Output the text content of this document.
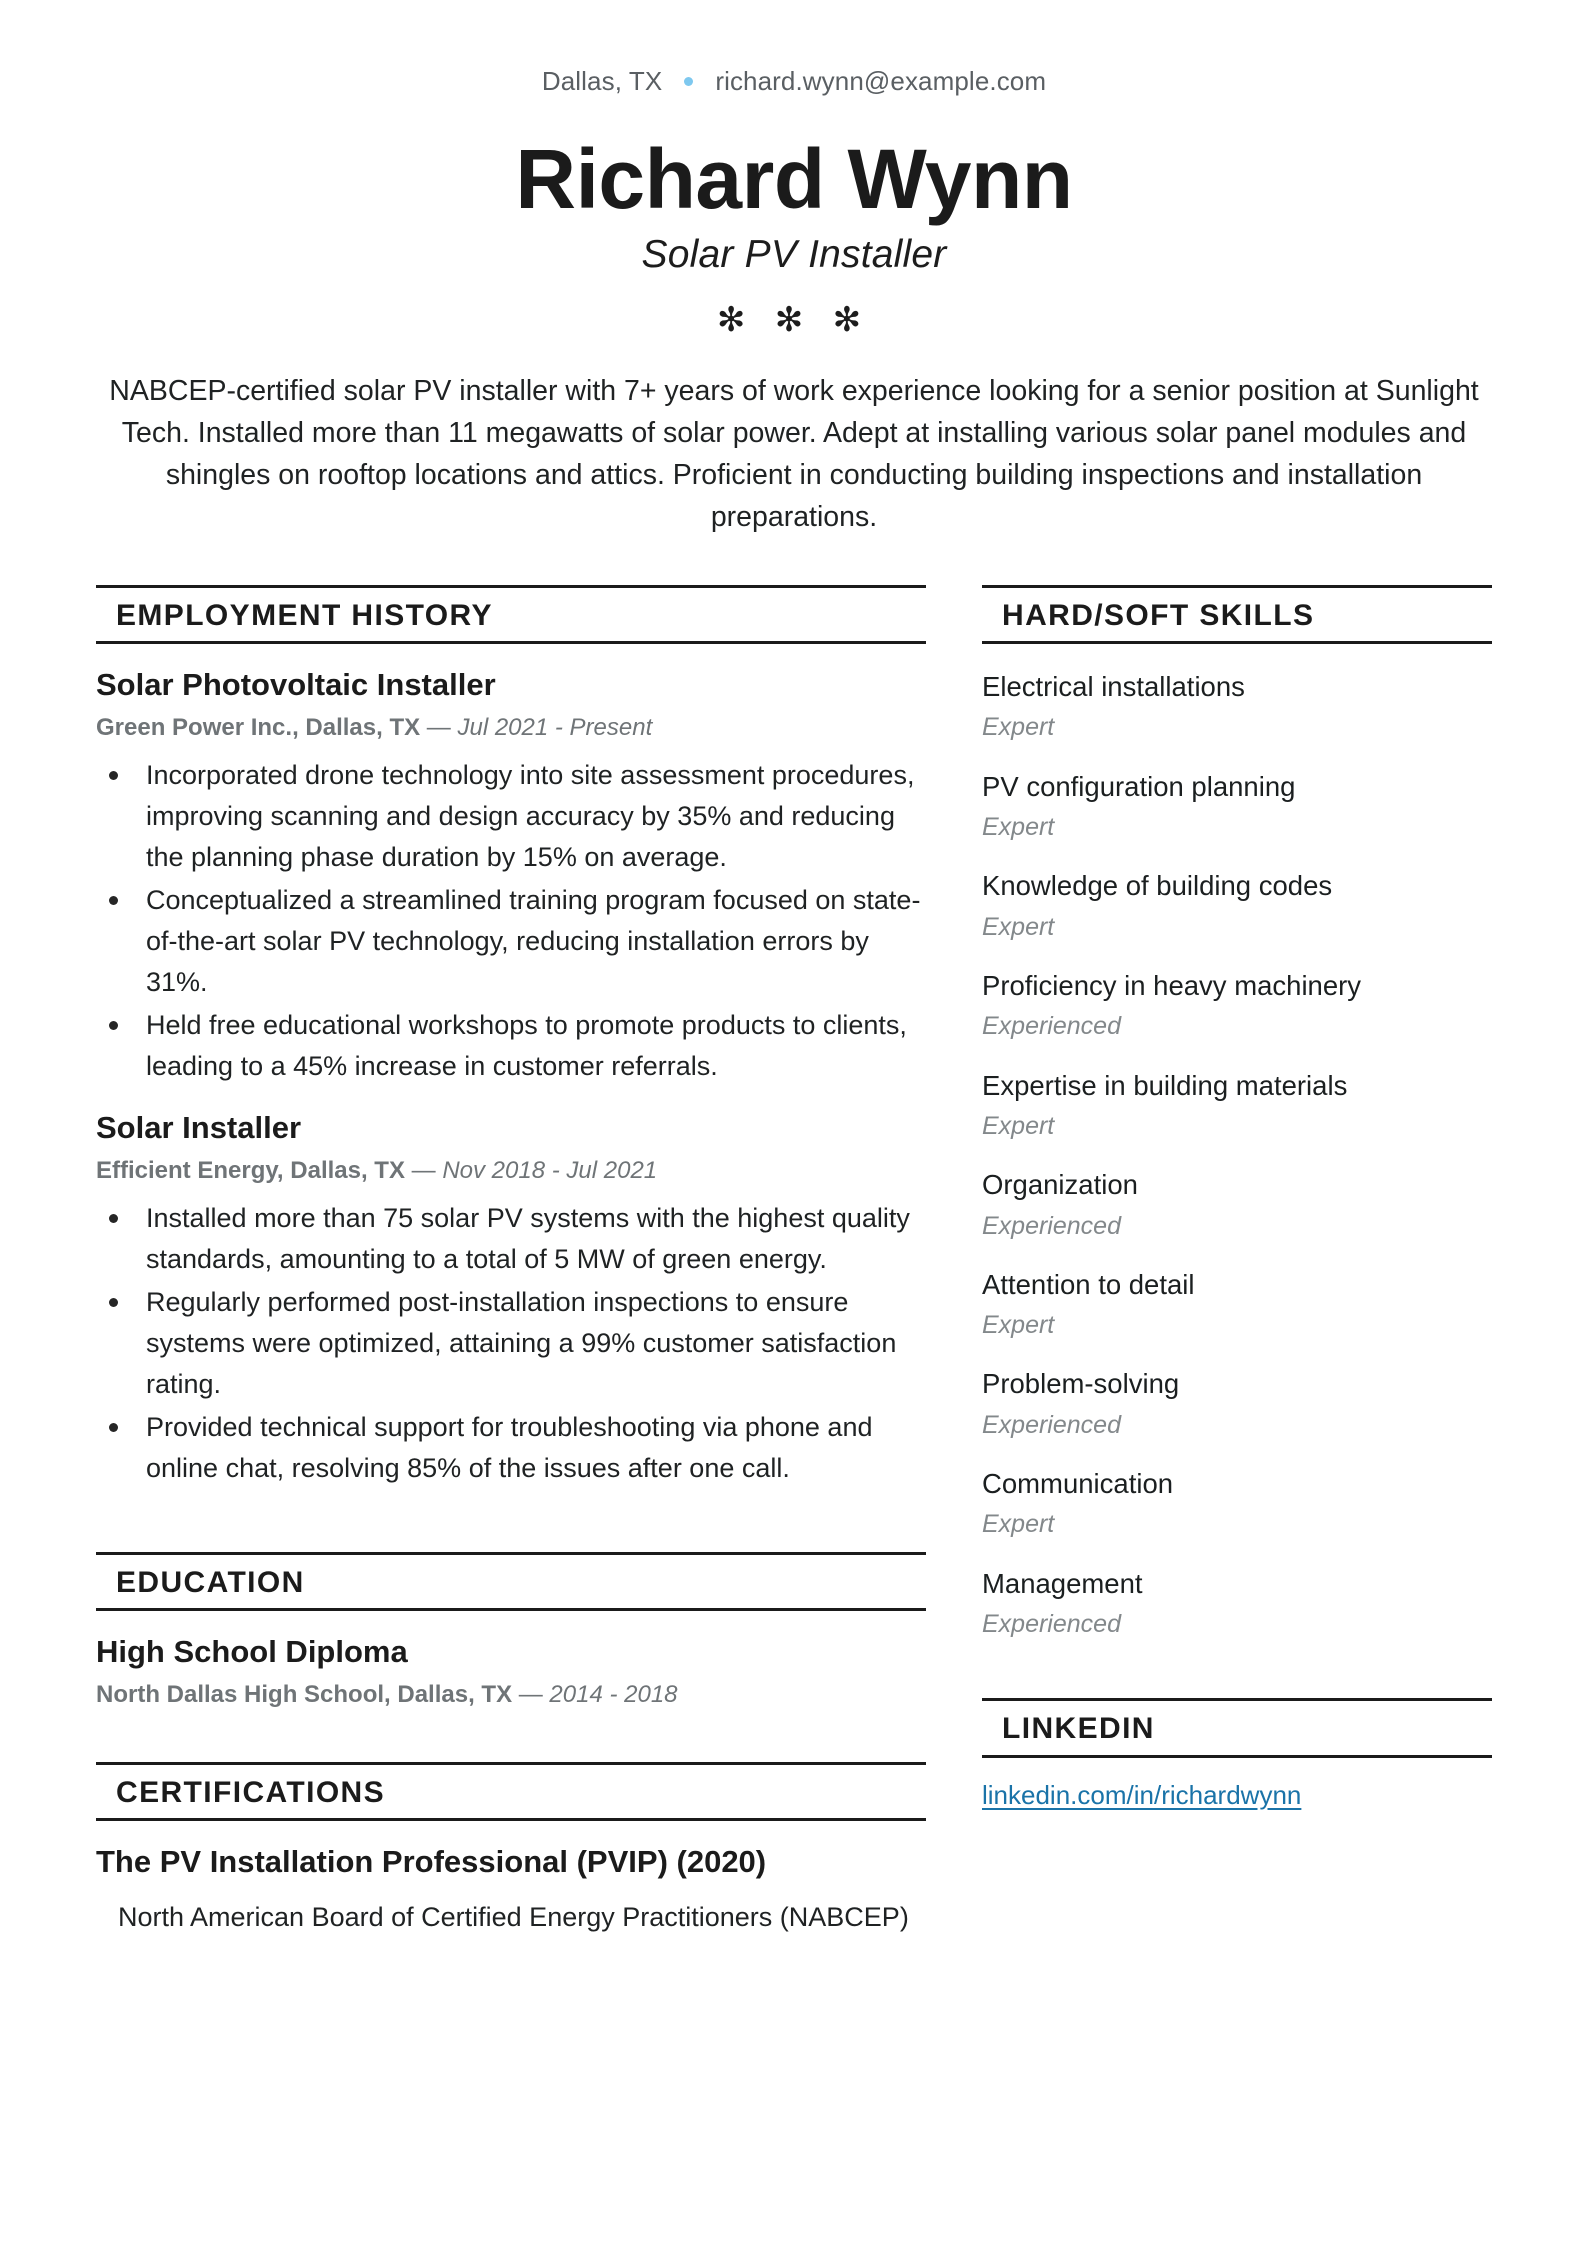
Dallas, TX richard.wynn@example.com
Richard Wynn
Solar PV Installer
✻ ✻ ✻
NABCEP-certified solar PV installer with 7+ years of work experience looking for a senior position at Sunlight Tech. Installed more than 11 megawatts of solar power. Adept at installing various solar panel modules and shingles on rooftop locations and attics. Proficient in conducting building inspections and installation preparations.
EMPLOYMENT HISTORY
Solar Photovoltaic Installer
Green Power Inc., Dallas, TX — Jul 2021 - Present
Incorporated drone technology into site assessment procedures, improving scanning and design accuracy by 35% and reducing the planning phase duration by 15% on average.
Conceptualized a streamlined training program focused on state-of-the-art solar PV technology, reducing installation errors by 31%.
Held free educational workshops to promote products to clients, leading to a 45% increase in customer referrals.
Solar Installer
Efficient Energy, Dallas, TX — Nov 2018 - Jul 2021
Installed more than 75 solar PV systems with the highest quality standards, amounting to a total of 5 MW of green energy.
Regularly performed post-installation inspections to ensure systems were optimized, attaining a 99% customer satisfaction rating.
Provided technical support for troubleshooting via phone and online chat, resolving 85% of the issues after one call.
EDUCATION
High School Diploma
North Dallas High School, Dallas, TX — 2014 - 2018
CERTIFICATIONS
The PV Installation Professional (PVIP) (2020)
North American Board of Certified Energy Practitioners (NABCEP)
HARD/SOFT SKILLS
Electrical installations
Expert
PV configuration planning
Expert
Knowledge of building codes
Expert
Proficiency in heavy machinery
Experienced
Expertise in building materials
Expert
Organization
Experienced
Attention to detail
Expert
Problem-solving
Experienced
Communication
Expert
Management
Experienced
LINKEDIN
linkedin.com/in/richardwynn
